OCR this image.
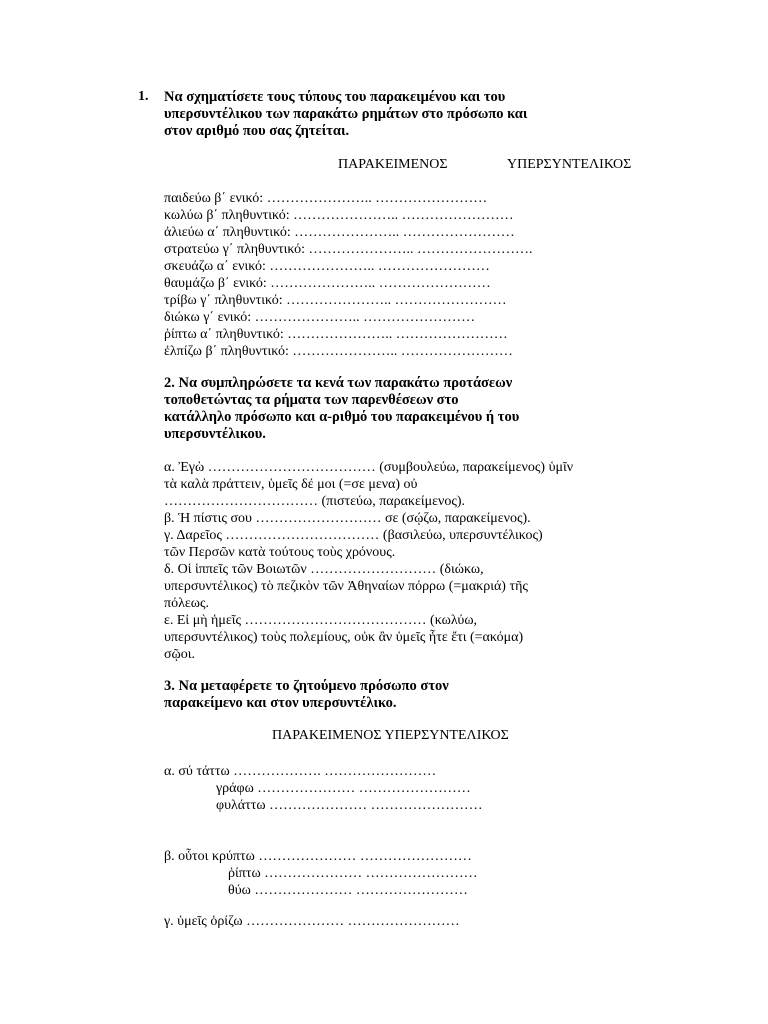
1. Να σχηματίσετε τους τύπους του παρακειμένου και του
υπερσυντέλικου των παρακάτω ρημάτων στο πρόσωπο και
στον αριθμό που σας ζητείται.
ΠΑΡΑΚΕΙΜΕΝΟΣ	ΥΠΕΡΣΥΝΤΕΛΙΚΟΣ
παιδεύω β΄ ενικό: ………………….. ……………………
κωλύω β΄ πληθυντικό: ………………….. ……………………
ἀλιεύω α΄ πληθυντικό: ………………….. ……………………
στρατεύω γ΄ πληθυντικό: ………………….. …………………….
σκευάζω α΄ ενικό: ………………….. ……………………
θαυμάζω β΄ ενικό: ………………….. ……………………
τρίβω γ΄ πληθυντικό: ………………….. ……………………
διώκω γ΄ ενικό: ………………….. ……………………
ῥίπτω α΄ πληθυντικό: ………………….. ……………………
ἐλπίζω β΄ πληθυντικό: ………………….. ……………………
2. Να συμπληρώσετε τα κενά των παρακάτω προτάσεων
τοποθετώντας τα ρήματα των παρενθέσεων στο
κατάλληλο πρόσωπο και α-ριθμό του παρακειμένου ή του
υπερσυντέλικου.
α. Ἐγὼ ……………………………… (συμβουλεύω, παρακείμενος) ὑμῖν
τὰ καλὰ πράττειν, ὑμεῖς δέ μοι (=σε μενα) οὐ
…………………………… (πιστεύω, παρακείμενος).
β. Ἡ πίστις σου ……………………… σε (σῴζω, παρακείμενος).
γ. Δαρεῖος …………………………… (βασιλεύω, υπερσυντέλικος)
τῶν Περσῶν κατὰ τούτους τοὺς χρόνους.
δ. Οἱ ἱππεῖς τῶν Βοιωτῶν ……………………… (διώκω,
υπερσυντέλικος) τὸ πεζικὸν τῶν Ἀθηναίων πόρρω (=μακριά) τῆς
πόλεως.
ε. Εἰ μὴ ἡμεῖς ………………………………… (κωλύω,
υπερσυντέλικος) τοὺς πολεμίους, οὐκ ἂν ὑμεῖς ἦτε ἔτι (=ακόμα)
σῷοι.
3. Να μεταφέρετε το ζητούμενο πρόσωπο στον
παρακείμενο και στον υπερσυντέλικο.
ΠΑΡΑΚΕΙΜΕΝΟΣ ΥΠΕΡΣΥΝΤΕΛΙΚΟΣ
α. σύ τάττω ………………. ……………………
γράφω ………………… ……………………
φυλάττω ………………… ……………………
β. οὗτοι κρύπτω ………………… ……………………
ῥίπτω ………………… ……………………
θύω ………………… ……………………
γ. ὑμεῖς ὁρίζω ………………… ……………………
